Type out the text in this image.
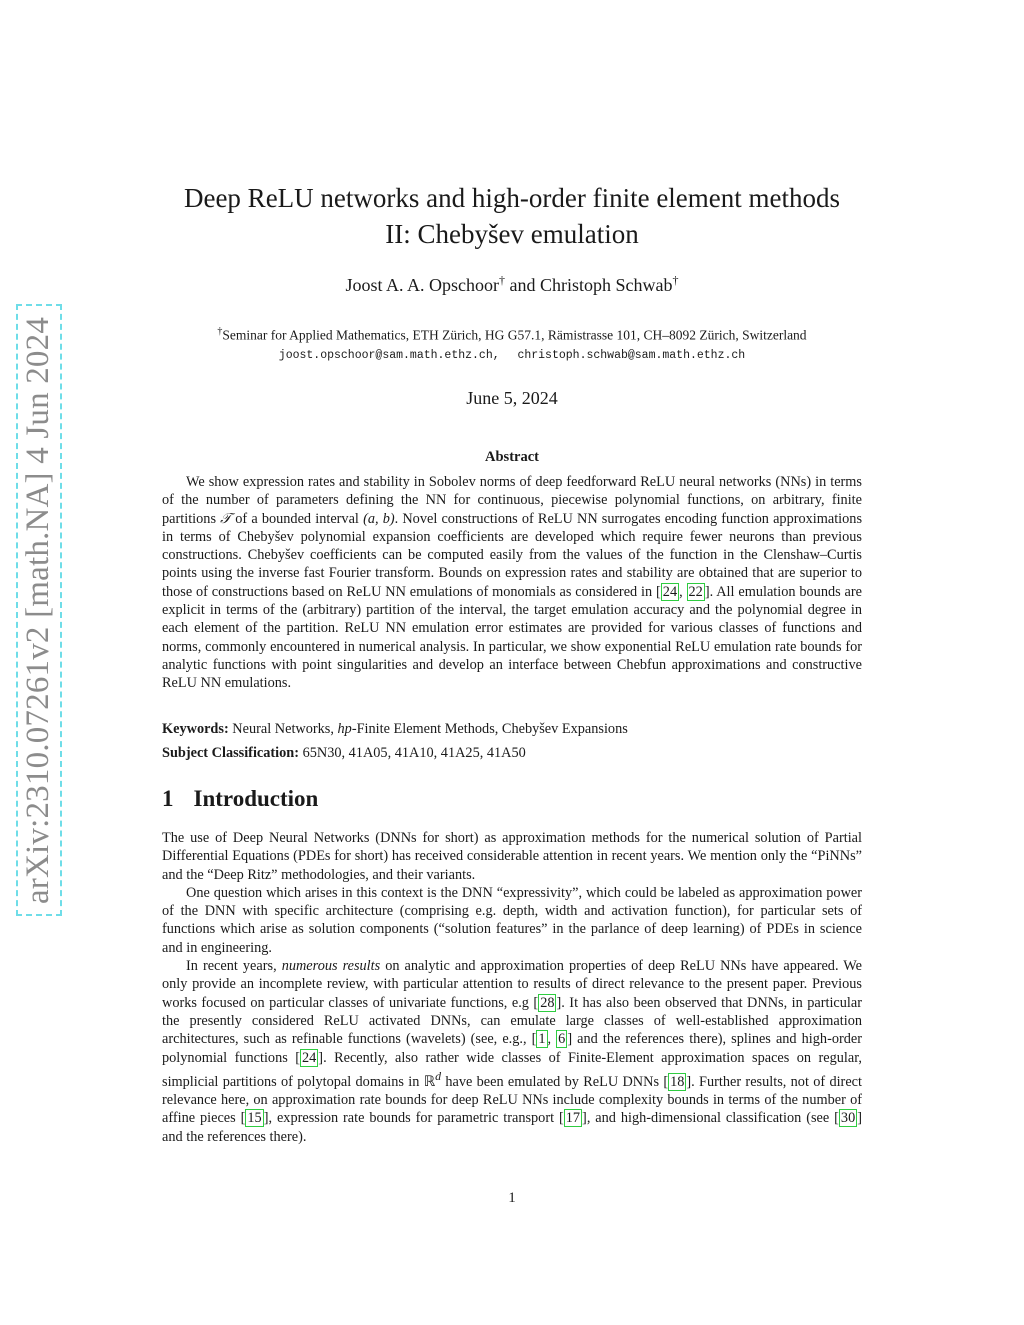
arXiv:2310.07261v2 [math.NA] 4 Jun 2024
Deep ReLU networks and high-order finite element methods
II: Chebyšev emulation
Joost A. A. Opschoor† and Christoph Schwab†
†Seminar for Applied Mathematics, ETH Zürich, HG G57.1, Rämistrasse 101, CH–8092 Zürich, Switzerland
joost.opschoor@sam.math.ethz.ch, christoph.schwab@sam.math.ethz.ch
June 5, 2024
Abstract

We show expression rates and stability in Sobolev norms of deep feedforward ReLU neural networks (NNs) in terms of the number of parameters defining the NN for continuous, piecewise polynomial functions, on arbitrary, finite partitions 𝒯 of a bounded interval (a, b). Novel constructions of ReLU NN surrogates encoding function approximations in terms of Chebyšev polynomial expansion coefficients are developed which require fewer neurons than previous constructions. Chebyšev coefficients can be computed easily from the values of the function in the Clenshaw–Curtis points using the inverse fast Fourier transform. Bounds on expression rates and stability are obtained that are superior to those of constructions based on ReLU NN emulations of monomials as considered in [ 24 , 22 ]. All emulation bounds are explicit in terms of the (arbitrary) partition of the interval, the target emulation accuracy and the polynomial degree in each element of the partition. ReLU NN emulation error estimates are provided for various classes of functions and norms, commonly encountered in numerical analysis. In particular, we show exponential ReLU emulation rate bounds for analytic functions with point singularities and develop an interface between Chebfun approximations and constructive ReLU NN emulations.

Keywords: Neural Networks, hp-Finite Element Methods, Chebyšev Expansions
Subject Classification: 65N30, 41A05, 41A10, 41A25, 41A50
1 Introduction

The use of Deep Neural Networks (DNNs for short) as approximation methods for the numerical solution of Partial Differential Equations (PDEs for short) has received considerable attention in recent years. We mention only the “PiNNs” and the “Deep Ritz” methodologies, and their variants.

One question which arises in this context is the DNN “expressivity”, which could be labeled as approximation power of the DNN with specific architecture (comprising e.g. depth, width and activation function), for particular sets of functions which arise as solution components (“solution features” in the parlance of deep learning) of PDEs in science and in engineering.

In recent years, numerous results on analytic and approximation properties of deep ReLU NNs have appeared. We only provide an incomplete review, with particular attention to results of direct relevance to the present paper. Previous works focused on particular classes of univariate functions, e.g [ 28 ]. It has also been observed that DNNs, in particular the presently considered ReLU activated DNNs, can emulate large classes of well-established approximation architectures, such as refinable functions (wavelets) (see, e.g., [ 1 , 6 ] and the references there), splines and high-order polynomial functions [ 24 ]. Recently, also rather wide classes of Finite-Element approximation spaces on regular, simplicial partitions of polytopal domains in ℝ$^d$ have been emulated by ReLU DNNs [ 18 ]. Further results, not of direct relevance here, on approximation rate bounds for deep ReLU NNs include complexity bounds in terms of the number of affine pieces [ 15 ], expression rate bounds for parametric transport [ 17 ], and high-dimensional classification (see [ 30 ] and the references there).

1
